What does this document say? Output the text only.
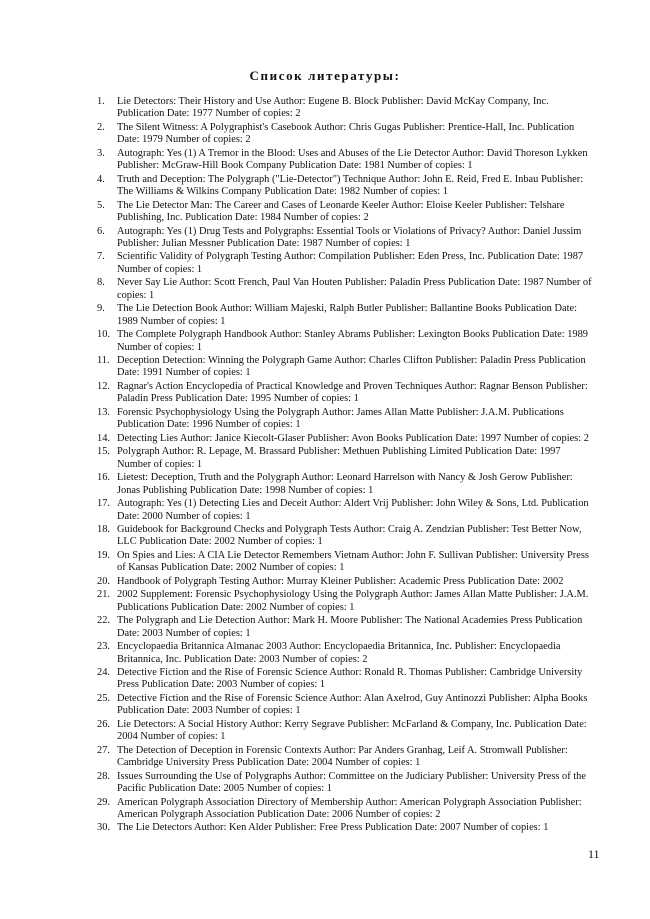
Список литературы:
1. Lie Detectors: Their History and Use Author: Eugene B. Block Publisher: David McKay Company, Inc. Publication Date: 1977 Number of copies: 2
2. The Silent Witness: A Polygraphist's Casebook Author: Chris Gugas Publisher: Prentice-Hall, Inc. Publication Date: 1979 Number of copies: 2
3. Autograph: Yes (1) A Tremor in the Blood: Uses and Abuses of the Lie Detector Author: David Thoreson Lykken Publisher: McGraw-Hill Book Company Publication Date: 1981 Number of copies: 1
4. Truth and Deception: The Polygraph ("Lie-Detector") Technique Author: John E. Reid, Fred E. Inbau Publisher: The Williams & Wilkins Company Publication Date: 1982 Number of copies: 1
5. The Lie Detector Man: The Career and Cases of Leonarde Keeler Author: Eloise Keeler Publisher: Telshare Publishing, Inc. Publication Date: 1984 Number of copies: 2
6. Autograph: Yes (1) Drug Tests and Polygraphs: Essential Tools or Violations of Privacy? Author: Daniel Jussim Publisher: Julian Messner Publication Date: 1987 Number of copies: 1
7. Scientific Validity of Polygraph Testing Author: Compilation Publisher: Eden Press, Inc. Publication Date: 1987 Number of copies: 1
8. Never Say Lie Author: Scott French, Paul Van Houten Publisher: Paladin Press Publication Date: 1987 Number of copies: 1
9. The Lie Detection Book Author: William Majeski, Ralph Butler Publisher: Ballantine Books Publication Date: 1989 Number of copies: 1
10. The Complete Polygraph Handbook Author: Stanley Abrams Publisher: Lexington Books Publication Date: 1989 Number of copies: 1
11. Deception Detection: Winning the Polygraph Game Author: Charles Clifton Publisher: Paladin Press Publication Date: 1991 Number of copies: 1
12. Ragnar's Action Encyclopedia of Practical Knowledge and Proven Techniques Author: Ragnar Benson Publisher: Paladin Press Publication Date: 1995 Number of copies: 1
13. Forensic Psychophysiology Using the Polygraph Author: James Allan Matte Publisher: J.A.M. Publications Publication Date: 1996 Number of copies: 1
14. Detecting Lies Author: Janice Kiecolt-Glaser Publisher: Avon Books Publication Date: 1997 Number of copies: 2
15. Polygraph Author: R. Lepage, M. Brassard Publisher: Methuen Publishing Limited Publication Date: 1997 Number of copies: 1
16. Lietest: Deception, Truth and the Polygraph Author: Leonard Harrelson with Nancy & Josh Gerow Publisher: Jonas Publishing Publication Date: 1998 Number of copies: 1
17. Autograph: Yes (1) Detecting Lies and Deceit Author: Aldert Vrij Publisher: John Wiley & Sons, Ltd. Publication Date: 2000 Number of copies: 1
18. Guidebook for Background Checks and Polygraph Tests Author: Craig A. Zendzian Publisher: Test Better Now, LLC Publication Date: 2002 Number of copies: 1
19. On Spies and Lies: A CIA Lie Detector Remembers Vietnam Author: John F. Sullivan Publisher: University Press of Kansas Publication Date: 2002 Number of copies: 1
20. Handbook of Polygraph Testing Author: Murray Kleiner Publisher: Academic Press Publication Date: 2002
21. 2002 Supplement: Forensic Psychophysiology Using the Polygraph Author: James Allan Matte Publisher: J.A.M. Publications Publication Date: 2002 Number of copies: 1
22. The Polygraph and Lie Detection Author: Mark H. Moore Publisher: The National Academies Press Publication Date: 2003 Number of copies: 1
23. Encyclopaedia Britannica Almanac 2003 Author: Encyclopaedia Britannica, Inc. Publisher: Encyclopaedia Britannica, Inc. Publication Date: 2003 Number of copies: 2
24. Detective Fiction and the Rise of Forensic Science Author: Ronald R. Thomas Publisher: Cambridge University Press Publication Date: 2003 Number of copies: 1
25. Detective Fiction and the Rise of Forensic Science Author: Alan Axelrod, Guy Antinozzi Publisher: Alpha Books Publication Date: 2003 Number of copies: 1
26. Lie Detectors: A Social History Author: Kerry Segrave Publisher: McFarland & Company, Inc. Publication Date: 2004 Number of copies: 1
27. The Detection of Deception in Forensic Contexts Author: Par Anders Granhag, Leif A. Stromwall Publisher: Cambridge University Press Publication Date: 2004 Number of copies: 1
28. Issues Surrounding the Use of Polygraphs Author: Committee on the Judiciary Publisher: University Press of the Pacific Publication Date: 2005 Number of copies: 1
29. American Polygraph Association Directory of Membership Author: American Polygraph Association Publisher: American Polygraph Association Publication Date: 2006 Number of copies: 2
30. The Lie Detectors Author: Ken Alder Publisher: Free Press Publication Date: 2007 Number of copies: 1
11
